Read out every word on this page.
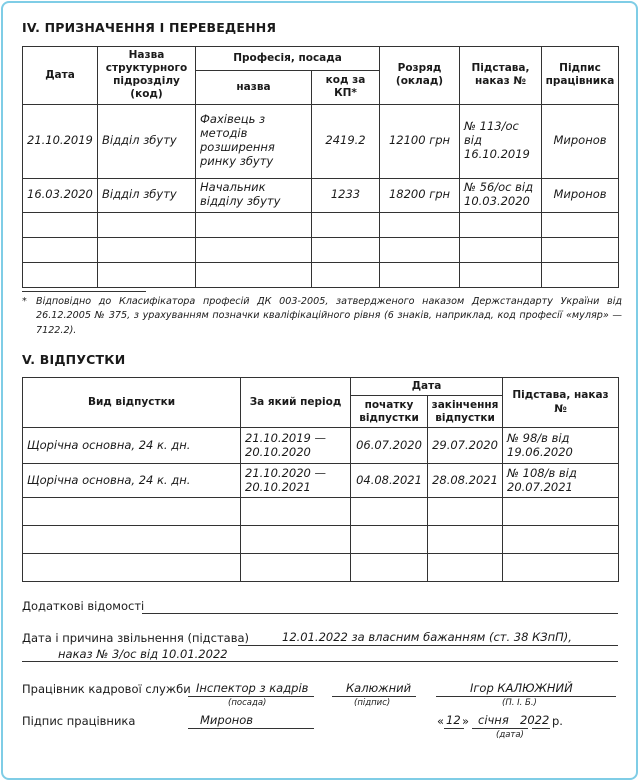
IV. ПРИЗНАЧЕННЯ І ПЕРЕВЕДЕННЯ
Дата	Назва структурного підрозділу (код)	Професія, посада		Розряд (оклад)	Підстава, наказ №	Підпис працівника
		назва	код за КП*			
21.10.2019	Відділ збуту	Фахівець з методів розширення ринку збуту	2419.2	12100 грн	№ 113/ос від 16.10.2019	Миронов
16.03.2020	Відділ збуту	Начальник відділу збуту	1233	18200 грн	№ 56/ос від 10.03.2020	Миронов

* Відповідно до Класифікатора професій ДК 003-2005, затвердженого наказом Держстандарту України від 26.12.2005 № 375, з урахуванням позначки кваліфікаційного рівня (6 знаків, наприклад, код професії «муляр» — 7122.2).
V. ВІДПУСТКИ
Вид відпустки	За який період	Дата		Підстава, наказ №
		початку відпустки	закінчення відпустки	
Щорічна основна, 24 к. дн.	21.10.2019 — 20.10.2020	06.07.2020	29.07.2020	№ 98/в від 19.06.2020
Щорічна основна, 24 к. дн.	21.10.2020 — 20.10.2021	04.08.2021	28.08.2021	№ 108/в від 20.07.2021

Додаткові відомості
Дата і причина звільнення (підстава)	12.01.2022 за власним бажанням (ст. 38 КЗпП),
наказ № 3/ос від 10.01.2022
Працівник кадрової служби Інспектор з кадрів
(посада)
Калюжний
(підпис)
Ігор КАЛЮЖНИЙ
(П. І. Б.)
Підпис працівника	Миронов	« 12 » січня 2022 р.
(дата)
